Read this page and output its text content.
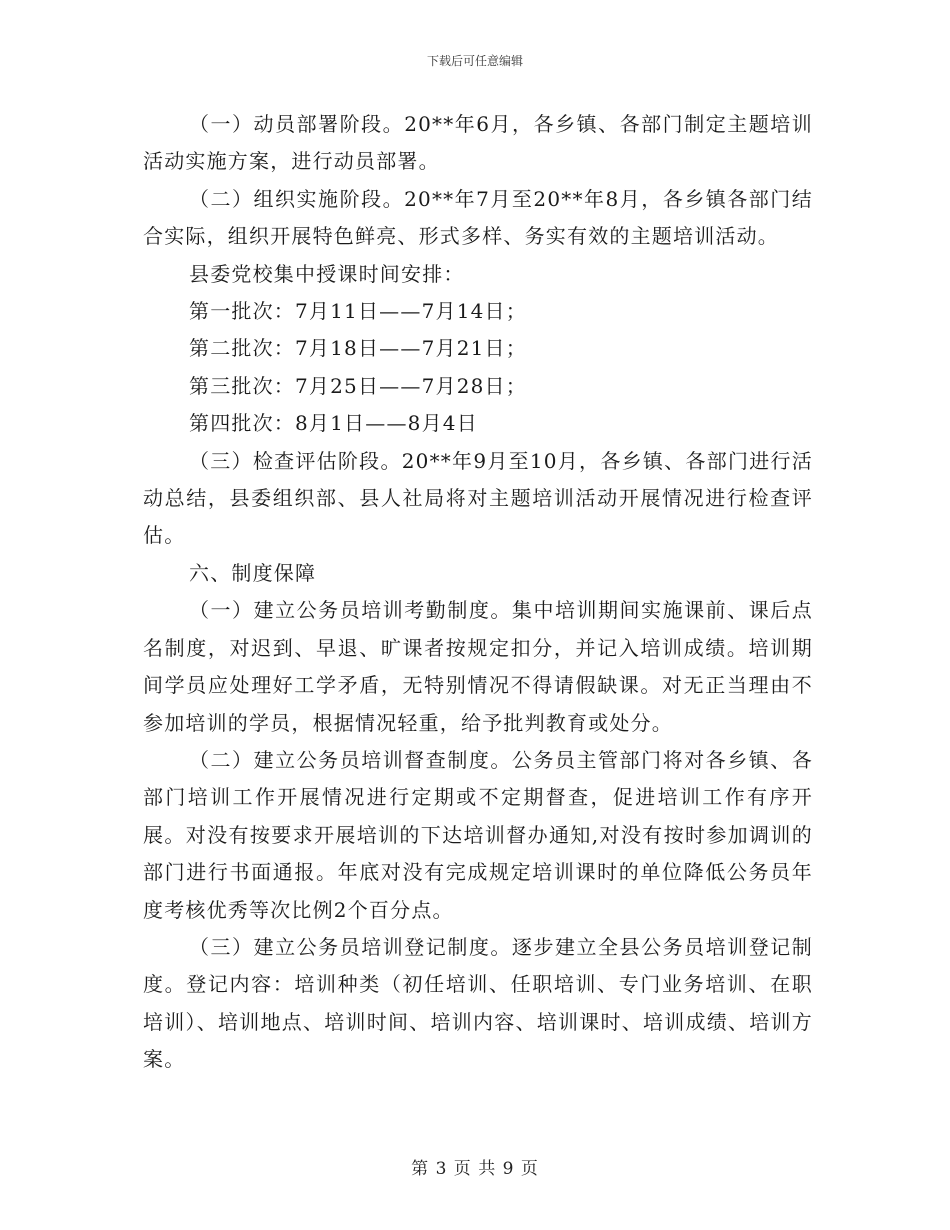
下载后可任意编辑

（一）动员部署阶段。20**年6月，各乡镇、各部门制定主题培训活动实施方案，进行动员部署。

（二）组织实施阶段。20**年7月至20**年8月，各乡镇各部门结合实际，组织开展特色鲜亮、形式多样、务实有效的主题培训活动。

县委党校集中授课时间安排：

第一批次：7月11日——7月14日；

第二批次：7月18日——7月21日；

第三批次：7月25日——7月28日；

第四批次：8月1日——8月4日

（三）检查评估阶段。20**年9月至10月，各乡镇、各部门进行活动总结，县委组织部、县人社局将对主题培训活动开展情况进行检查评估。

六、制度保障

（一）建立公务员培训考勤制度。集中培训期间实施课前、课后点名制度，对迟到、早退、旷课者按规定扣分，并记入培训成绩。培训期间学员应处理好工学矛盾，无特别情况不得请假缺课。对无正当理由不参加培训的学员，根据情况轻重，给予批判教育或处分。

（二）建立公务员培训督查制度。公务员主管部门将对各乡镇、各部门培训工作开展情况进行定期或不定期督查，促进培训工作有序开展。对没有按要求开展培训的下达培训督办通知,对没有按时参加调训的部门进行书面通报。年底对没有完成规定培训课时的单位降低公务员年度考核优秀等次比例2个百分点。

（三）建立公务员培训登记制度。逐步建立全县公务员培训登记制度。登记内容：培训种类（初任培训、任职培训、专门业务培训、在职培训）、培训地点、培训时间、培训内容、培训课时、培训成绩、培训方案。

第 3 页 共 9 页
